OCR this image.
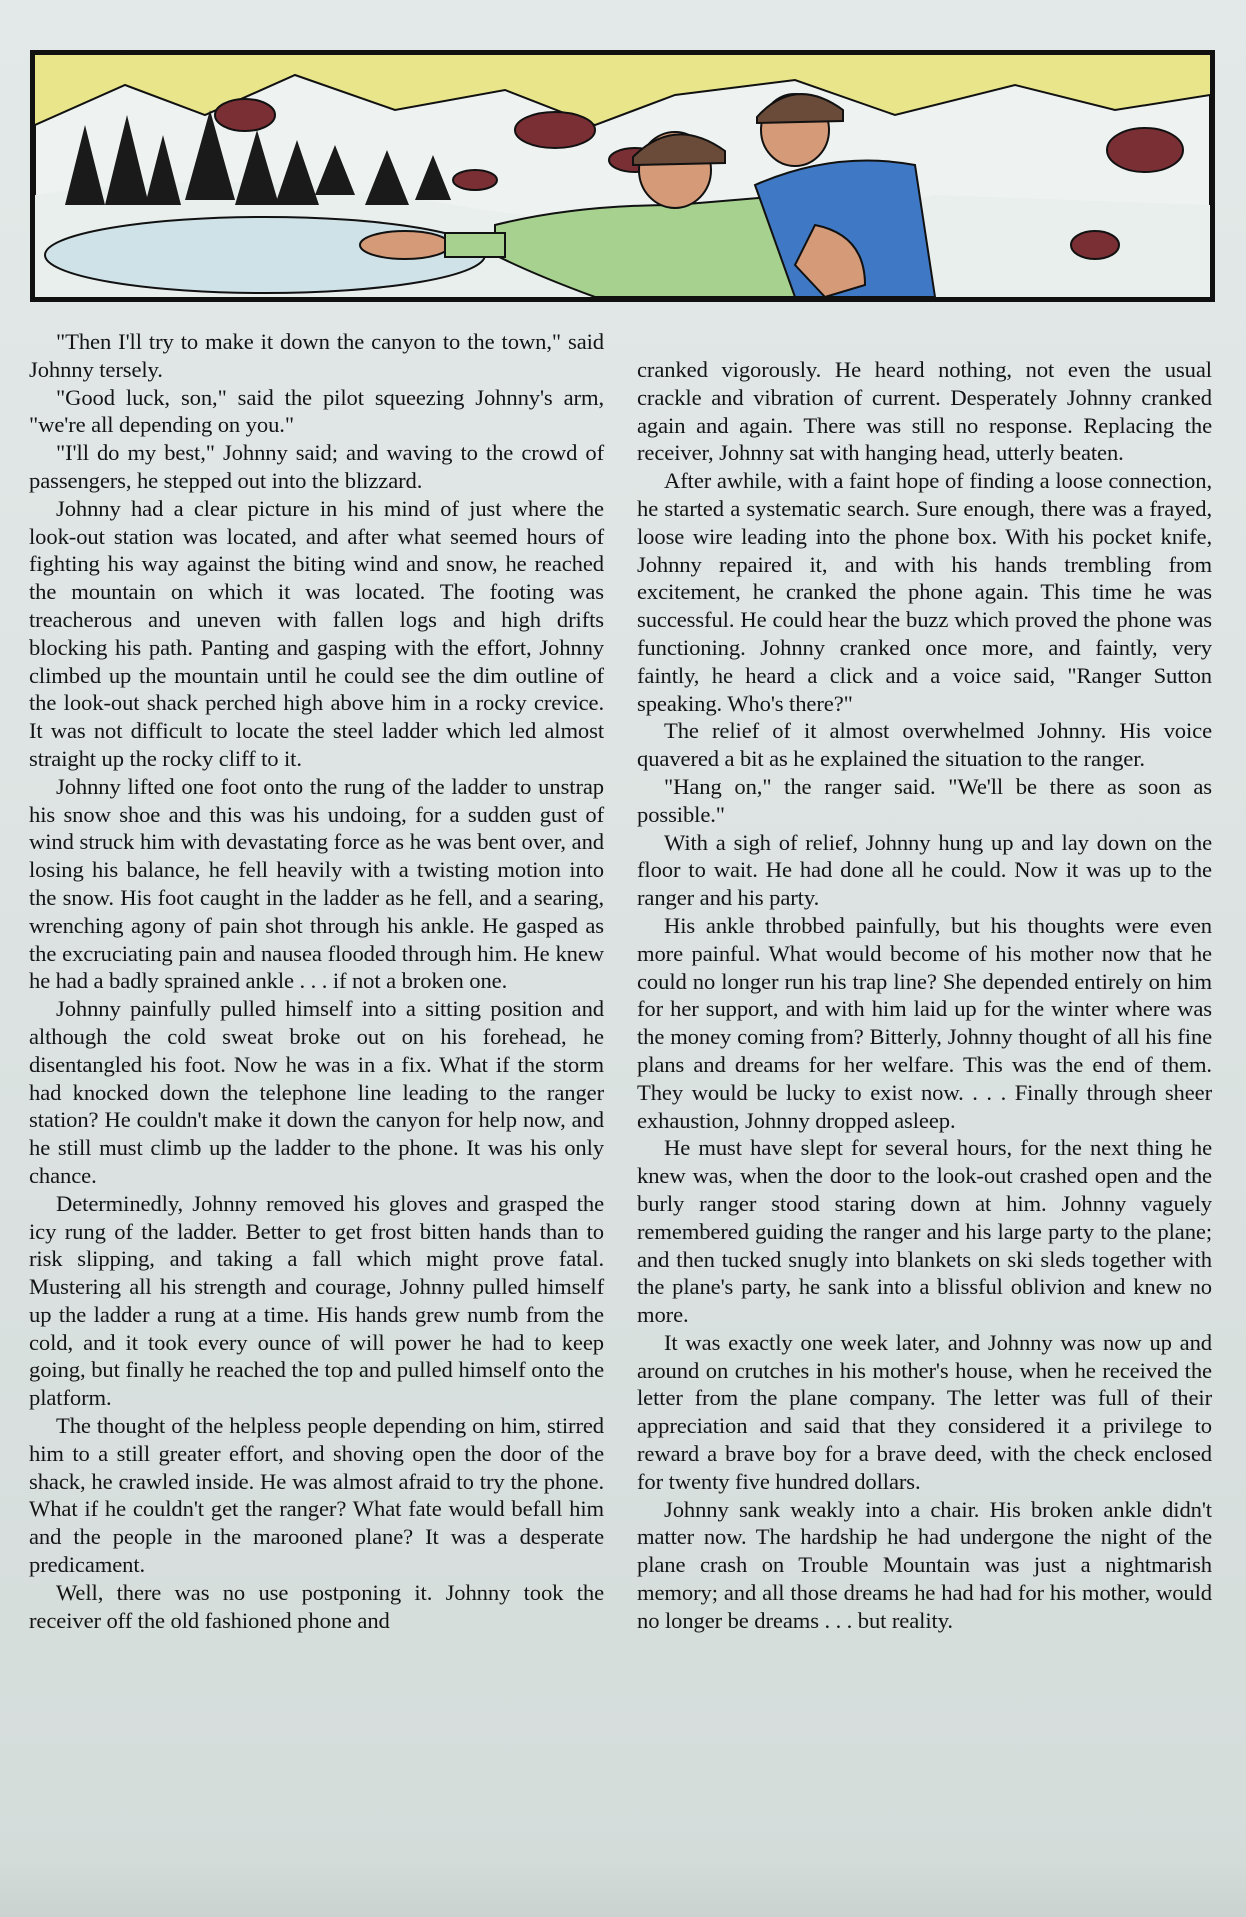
"Then I'll try to make it down the canyon to the town," said Johnny tersely.

"Good luck, son," said the pilot squeezing Johnny's arm, "we're all depending on you."

"I'll do my best," Johnny said; and waving to the crowd of passengers, he stepped out into the blizzard.

Johnny had a clear picture in his mind of just where the look-out station was located, and after what seemed hours of fighting his way against the biting wind and snow, he reached the mountain on which it was located. The footing was treacherous and uneven with fallen logs and high drifts blocking his path. Panting and gasping with the effort, Johnny climbed up the mountain until he could see the dim outline of the look-out shack perched high above him in a rocky crevice. It was not difficult to locate the steel ladder which led almost straight up the rocky cliff to it.

Johnny lifted one foot onto the rung of the ladder to unstrap his snow shoe and this was his undoing, for a sudden gust of wind struck him with devastating force as he was bent over, and losing his balance, he fell heavily with a twisting motion into the snow. His foot caught in the ladder as he fell, and a searing, wrenching agony of pain shot through his ankle. He gasped as the excruciating pain and nausea flooded through him. He knew he had a badly sprained ankle . . . if not a broken one.

Johnny painfully pulled himself into a sitting position and although the cold sweat broke out on his forehead, he disentangled his foot. Now he was in a fix. What if the storm had knocked down the telephone line leading to the ranger station? He couldn't make it down the canyon for help now, and he still must climb up the ladder to the phone. It was his only chance.

Determinedly, Johnny removed his gloves and grasped the icy rung of the ladder. Better to get frost bitten hands than to risk slipping, and taking a fall which might prove fatal. Mustering all his strength and courage, Johnny pulled himself up the ladder a rung at a time. His hands grew numb from the cold, and it took every ounce of will power he had to keep going, but finally he reached the top and pulled himself onto the platform.

The thought of the helpless people depending on him, stirred him to a still greater effort, and shoving open the door of the shack, he crawled inside. He was almost afraid to try the phone. What if he couldn't get the ranger? What fate would befall him and the people in the marooned plane? It was a desperate predicament.

Well, there was no use postponing it. Johnny took the receiver off the old fashioned phone and

cranked vigorously. He heard nothing, not even the usual crackle and vibration of current. Desperately Johnny cranked again and again. There was still no response. Replacing the receiver, Johnny sat with hanging head, utterly beaten.

After awhile, with a faint hope of finding a loose connection, he started a systematic search. Sure enough, there was a frayed, loose wire leading into the phone box. With his pocket knife, Johnny repaired it, and with his hands trembling from excitement, he cranked the phone again. This time he was successful. He could hear the buzz which proved the phone was functioning. Johnny cranked once more, and faintly, very faintly, he heard a click and a voice said, "Ranger Sutton speaking. Who's there?"

The relief of it almost overwhelmed Johnny. His voice quavered a bit as he explained the situation to the ranger.

"Hang on," the ranger said. "We'll be there as soon as possible."

With a sigh of relief, Johnny hung up and lay down on the floor to wait. He had done all he could. Now it was up to the ranger and his party.

His ankle throbbed painfully, but his thoughts were even more painful. What would become of his mother now that he could no longer run his trap line? She depended entirely on him for her support, and with him laid up for the winter where was the money coming from? Bitterly, Johnny thought of all his fine plans and dreams for her welfare. This was the end of them. They would be lucky to exist now. . . . Finally through sheer exhaustion, Johnny dropped asleep.

He must have slept for several hours, for the next thing he knew was, when the door to the look-out crashed open and the burly ranger stood staring down at him. Johnny vaguely remembered guiding the ranger and his large party to the plane; and then tucked snugly into blankets on ski sleds together with the plane's party, he sank into a blissful oblivion and knew no more.

It was exactly one week later, and Johnny was now up and around on crutches in his mother's house, when he received the letter from the plane company. The letter was full of their appreciation and said that they considered it a privilege to reward a brave boy for a brave deed, with the check enclosed for twenty five hundred dollars.

Johnny sank weakly into a chair. His broken ankle didn't matter now. The hardship he had undergone the night of the plane crash on Trouble Mountain was just a nightmarish memory; and all those dreams he had had for his mother, would no longer be dreams . . . but reality.
